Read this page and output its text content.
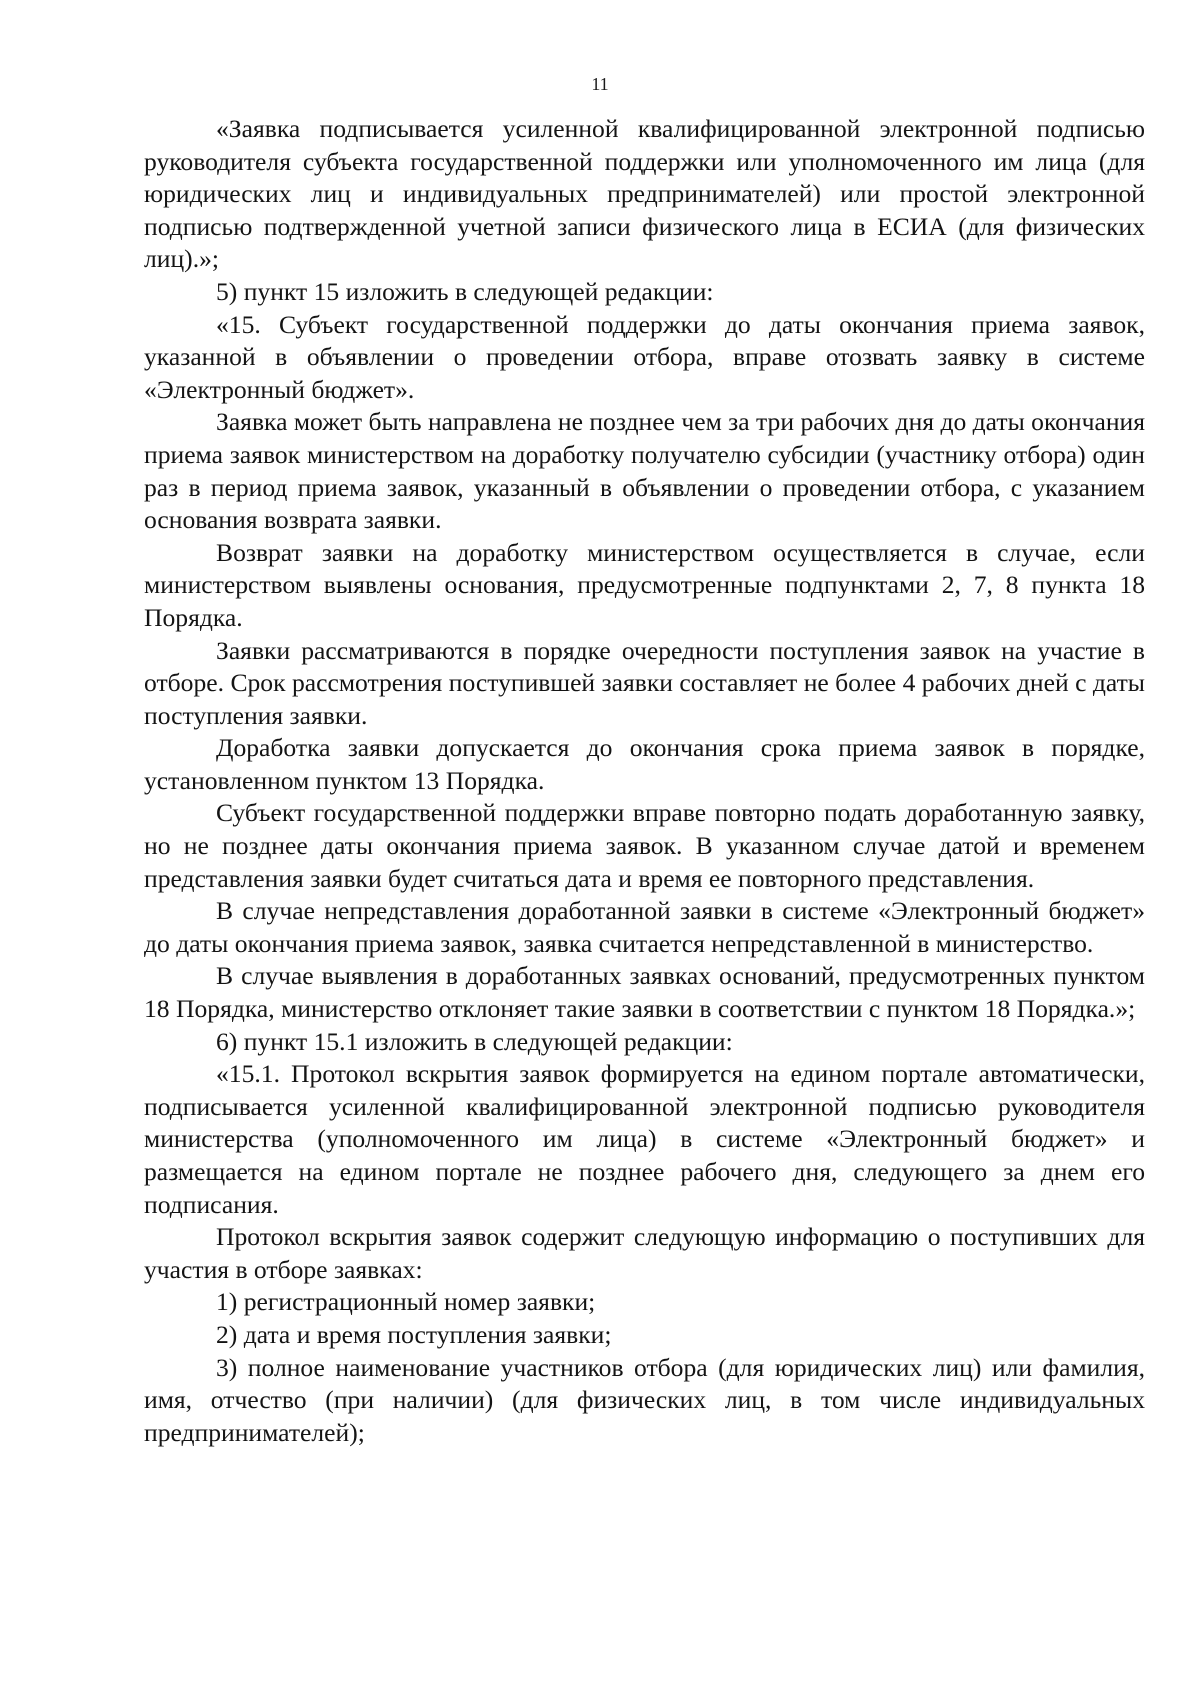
11

«Заявка подписывается усиленной квалифицированной электронной подписью руководителя субъекта государственной поддержки или уполномоченного им лица (для юридических лиц и индивидуальных предпринимателей) или простой электронной подписью подтвержденной учетной записи физического лица в ЕСИА (для физических лиц).»;

5) пункт 15 изложить в следующей редакции:

«15. Субъект государственной поддержки до даты окончания приема заявок, указанной в объявлении о проведении отбора, вправе отозвать заявку в системе «Электронный бюджет».

Заявка может быть направлена не позднее чем за три рабочих дня до даты окончания приема заявок министерством на доработку получателю субсидии (участнику отбора) один раз в период приема заявок, указанный в объявлении о проведении отбора, с указанием основания возврата заявки.

Возврат заявки на доработку министерством осуществляется в случае, если министерством выявлены основания, предусмотренные подпунктами 2, 7, 8 пункта 18 Порядка.

Заявки рассматриваются в порядке очередности поступления заявок на участие в отборе. Срок рассмотрения поступившей заявки составляет не более 4 рабочих дней с даты поступления заявки.

Доработка заявки допускается до окончания срока приема заявок в порядке, установленном пунктом 13 Порядка.

Субъект государственной поддержки вправе повторно подать доработанную заявку, но не позднее даты окончания приема заявок. В указанном случае датой и временем представления заявки будет считаться дата и время ее повторного представления.

В случае непредставления доработанной заявки в системе «Электронный бюджет» до даты окончания приема заявок, заявка считается непредставленной в министерство.

В случае выявления в доработанных заявках оснований, предусмотренных пунктом 18 Порядка, министерство отклоняет такие заявки в соответствии с пунктом 18 Порядка.»;

6) пункт 15.1 изложить в следующей редакции:

«15.1. Протокол вскрытия заявок формируется на едином портале автоматически, подписывается усиленной квалифицированной электронной подписью руководителя министерства (уполномоченного им лица) в системе «Электронный бюджет» и размещается на едином портале не позднее рабочего дня, следующего за днем его подписания.

Протокол вскрытия заявок содержит следующую информацию о поступивших для участия в отборе заявках:

1) регистрационный номер заявки;

2) дата и время поступления заявки;

3) полное наименование участников отбора (для юридических лиц) или фамилия, имя, отчество (при наличии) (для физических лиц, в том числе индивидуальных предпринимателей);
